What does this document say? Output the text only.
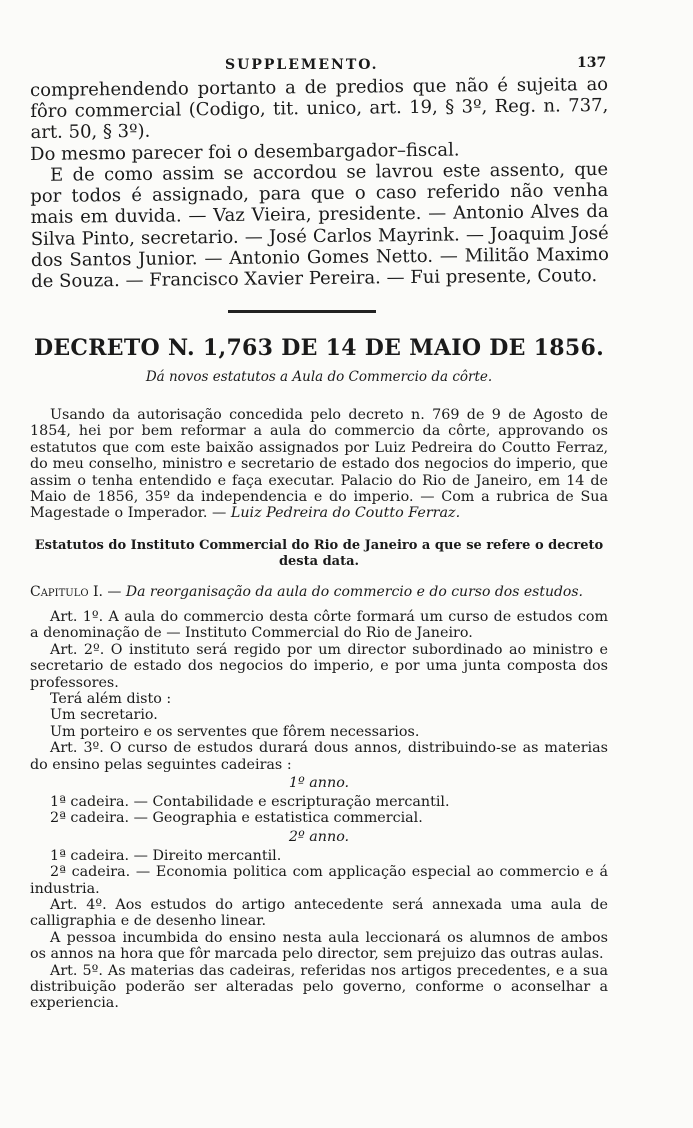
SUPPLEMENTO.	137

comprehendendo portanto a de predios que não é sujeita ao fôro commercial (Codigo, tit. unico, art. 19, § 3º, Reg. n. 737, art. 50, § 3º).

Do mesmo parecer foi o desembargador–fiscal.

E de como assim se accordou se lavrou este assento, que por todos é assignado, para que o caso referido não venha mais em duvida. — Vaz Vieira, presidente. — Antonio Alves da Silva Pinto, secretario. — José Carlos Mayrink. — Joaquim José dos Santos Junior. — Antonio Gomes Netto. — Militão Maximo de Souza. — Francisco Xavier Pereira. — Fui presente, Couto.

DECRETO N. 1,763 DE 14 DE MAIO DE 1856.

Dá novos estatutos a Aula do Commercio da côrte.

Usando da autorisação concedida pelo decreto n. 769 de 9 de Agosto de 1854, hei por bem reformar a aula do commercio da côrte, approvando os estatutos que com este baixão assignados por Luiz Pedreira do Coutto Ferraz, do meu conselho, ministro e secretario de estado dos negocios do imperio, que assim o tenha entendido e faça executar. Palacio do Rio de Janeiro, em 14 de Maio de 1856, 35º da independencia e do imperio. — Com a rubrica de Sua Magestade o Imperador. — Luiz Pedreira do Coutto Ferraz.

Estatutos do Instituto Commercial do Rio de Janeiro a que se refere o decreto desta data.

Capitulo I. — Da reorganisação da aula do commercio e do curso dos estudos.

Art. 1º. A aula do commercio desta côrte formará um curso de estudos com a denominação de — Instituto Commercial do Rio de Janeiro.

Art. 2º. O instituto será regido por um director subordinado ao ministro e secretario de estado dos negocios do imperio, e por uma junta composta dos professores.

Terá além disto :

Um secretario.

Um porteiro e os serventes que fôrem necessarios.

Art. 3º. O curso de estudos durará dous annos, distribuindo-se as materias do ensino pelas seguintes cadeiras :

1º anno.

1ª cadeira. — Contabilidade e escripturação mercantil.

2ª cadeira. — Geographia e estatistica commercial.

2º anno.

1ª cadeira. — Direito mercantil.

2ª cadeira. — Economia politica com applicação especial ao commercio e á industria.

Art. 4º. Aos estudos do artigo antecedente será annexada uma aula de calligraphia e de desenho linear.

A pessoa incumbida do ensino nesta aula leccionará os alumnos de ambos os annos na hora que fôr marcada pelo director, sem prejuizo das outras aulas.

Art. 5º. As materias das cadeiras, referidas nos artigos precedentes, e a sua distribuição poderão ser alteradas pelo governo, conforme o aconselhar a experiencia.
